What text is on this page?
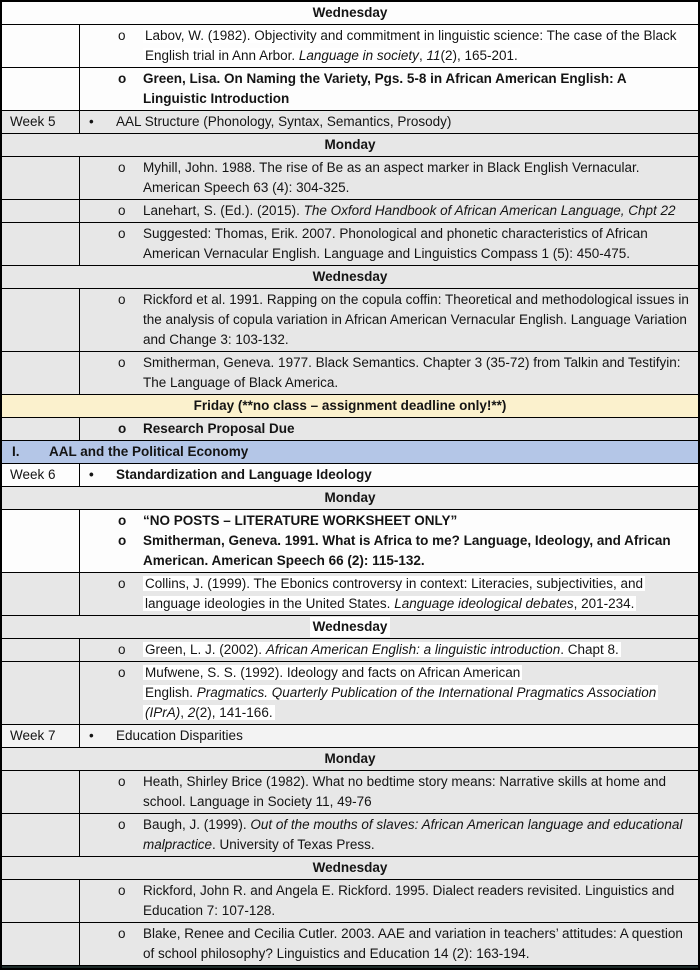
Wednesday
o	Labov, W. (1982). Objectivity and commitment in linguistic science: The case of the Black English trial in Ann Arbor. Language in society, 11(2), 165-201.
o	Green, Lisa. On Naming the Variety, Pgs. 5-8 in African American English: A Linguistic Introduction
Week 5	•	AAL Structure (Phonology, Syntax, Semantics, Prosody)
Monday
o	Myhill, John. 1988. The rise of Be as an aspect marker in Black English Vernacular. American Speech 63 (4): 304-325.
o	Lanehart, S. (Ed.). (2015). The Oxford Handbook of African American Language, Chpt 22
o	Suggested: Thomas, Erik. 2007. Phonological and phonetic characteristics of African American Vernacular English. Language and Linguistics Compass 1 (5): 450-475.
Wednesday
o	Rickford et al. 1991. Rapping on the copula coffin: Theoretical and methodological issues in the analysis of copula variation in African American Vernacular English. Language Variation and Change 3: 103-132.
o	Smitherman, Geneva. 1977. Black Semantics. Chapter 3 (35-72) from Talkin and Testifyin: The Language of Black America.
Friday (**no class – assignment deadline only!**)
o	Research Proposal Due
I. AAL and the Political Economy
Week 6	•	Standardization and Language Ideology
Monday
o	“NO POSTS – LITERATURE WORKSHEET ONLY”
o	Smitherman, Geneva. 1991. What is Africa to me? Language, Ideology, and African American. American Speech 66 (2): 115-132.
o	Collins, J. (1999). The Ebonics controversy in context: Literacies, subjectivities, and language ideologies in the United States. Language ideological debates, 201-234.
Wednesday
o	Green, L. J. (2002). African American English: a linguistic introduction. Chapt 8.
o	Mufwene, S. S. (1992). Ideology and facts on African American
English. Pragmatics. Quarterly Publication of the International Pragmatics Association (IPrA), 2(2), 141-166.
Week 7	•	Education Disparities
Monday
o	Heath, Shirley Brice (1982). What no bedtime story means: Narrative skills at home and school. Language in Society 11, 49-76
o	Baugh, J. (1999). Out of the mouths of slaves: African American language and educational malpractice. University of Texas Press.
Wednesday
o	Rickford, John R. and Angela E. Rickford. 1995. Dialect readers revisited. Linguistics and Education 7: 107-128.
o	Blake, Renee and Cecilia Cutler. 2003. AAE and variation in teachers’ attitudes: A question of school philosophy? Linguistics and Education 14 (2): 163-194.
